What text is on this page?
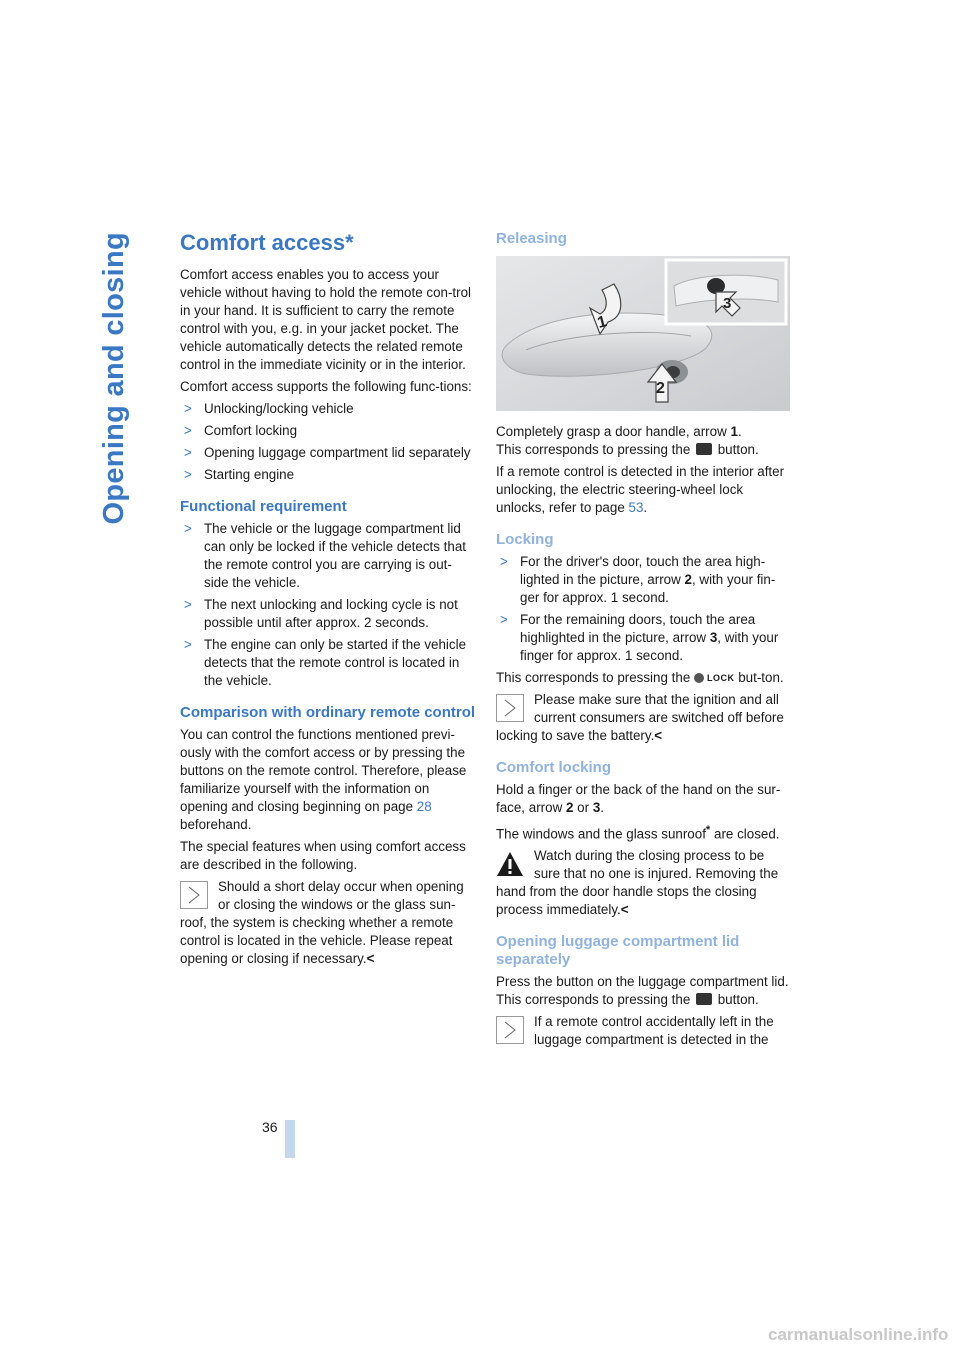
Opening and closing
36
Comfort access*

Comfort access enables you to access your vehicle without having to hold the remote con-trol in your hand. It is sufficient to carry the remote control with you, e.g. in your jacket pocket. The vehicle automatically detects the related remote control in the immediate vicinity or in the interior.

Comfort access supports the following func-tions:

> Unlocking/locking vehicle
> Comfort locking
> Opening luggage compartment lid separately
> Starting engine
Functional requirement
> The vehicle or the luggage compartment lid can only be locked if the vehicle detects that the remote control you are carrying is out-side the vehicle.
> The next unlocking and locking cycle is not possible until after approx. 2 seconds.
> The engine can only be started if the vehicle detects that the remote control is located in the vehicle.
Comparison with ordinary remote control

You can control the functions mentioned previ-ously with the comfort access or by pressing the buttons on the remote control. Therefore, please familiarize yourself with the information on opening and closing beginning on page 28 beforehand.

The special features when using comfort access are described in the following.

Should a short delay occur when opening or closing the windows or the glass sun-roof, the system is checking whether a remote control is located in the vehicle. Please repeat opening or closing if necessary.<
Releasing
1
2
3

Completely grasp a door handle, arrow 1.
This corresponds to pressing the button.

If a remote control is detected in the interior after unlocking, the electric steering-wheel lock unlocks, refer to page 53.

Locking
> For the driver's door, touch the area high-lighted in the picture, arrow 2, with your fin-ger for approx. 1 second.
> For the remaining doors, touch the area highlighted in the picture, arrow 3, with your finger for approx. 1 second.

This corresponds to pressing the LOCK but-ton.

Please make sure that the ignition and all current consumers are switched off before locking to save the battery.<
Comfort locking

Hold a finger or the back of the hand on the sur-face, arrow 2 or 3.

The windows and the glass sunroof* are closed.

Watch during the closing process to be sure that no one is injured. Removing the hand from the door handle stops the closing process immediately.<
Opening luggage compartment lid separately

Press the button on the luggage compartment lid. This corresponds to pressing the button.

If a remote control accidentally left in the luggage compartment is detected in the
carmanualsonline.info
